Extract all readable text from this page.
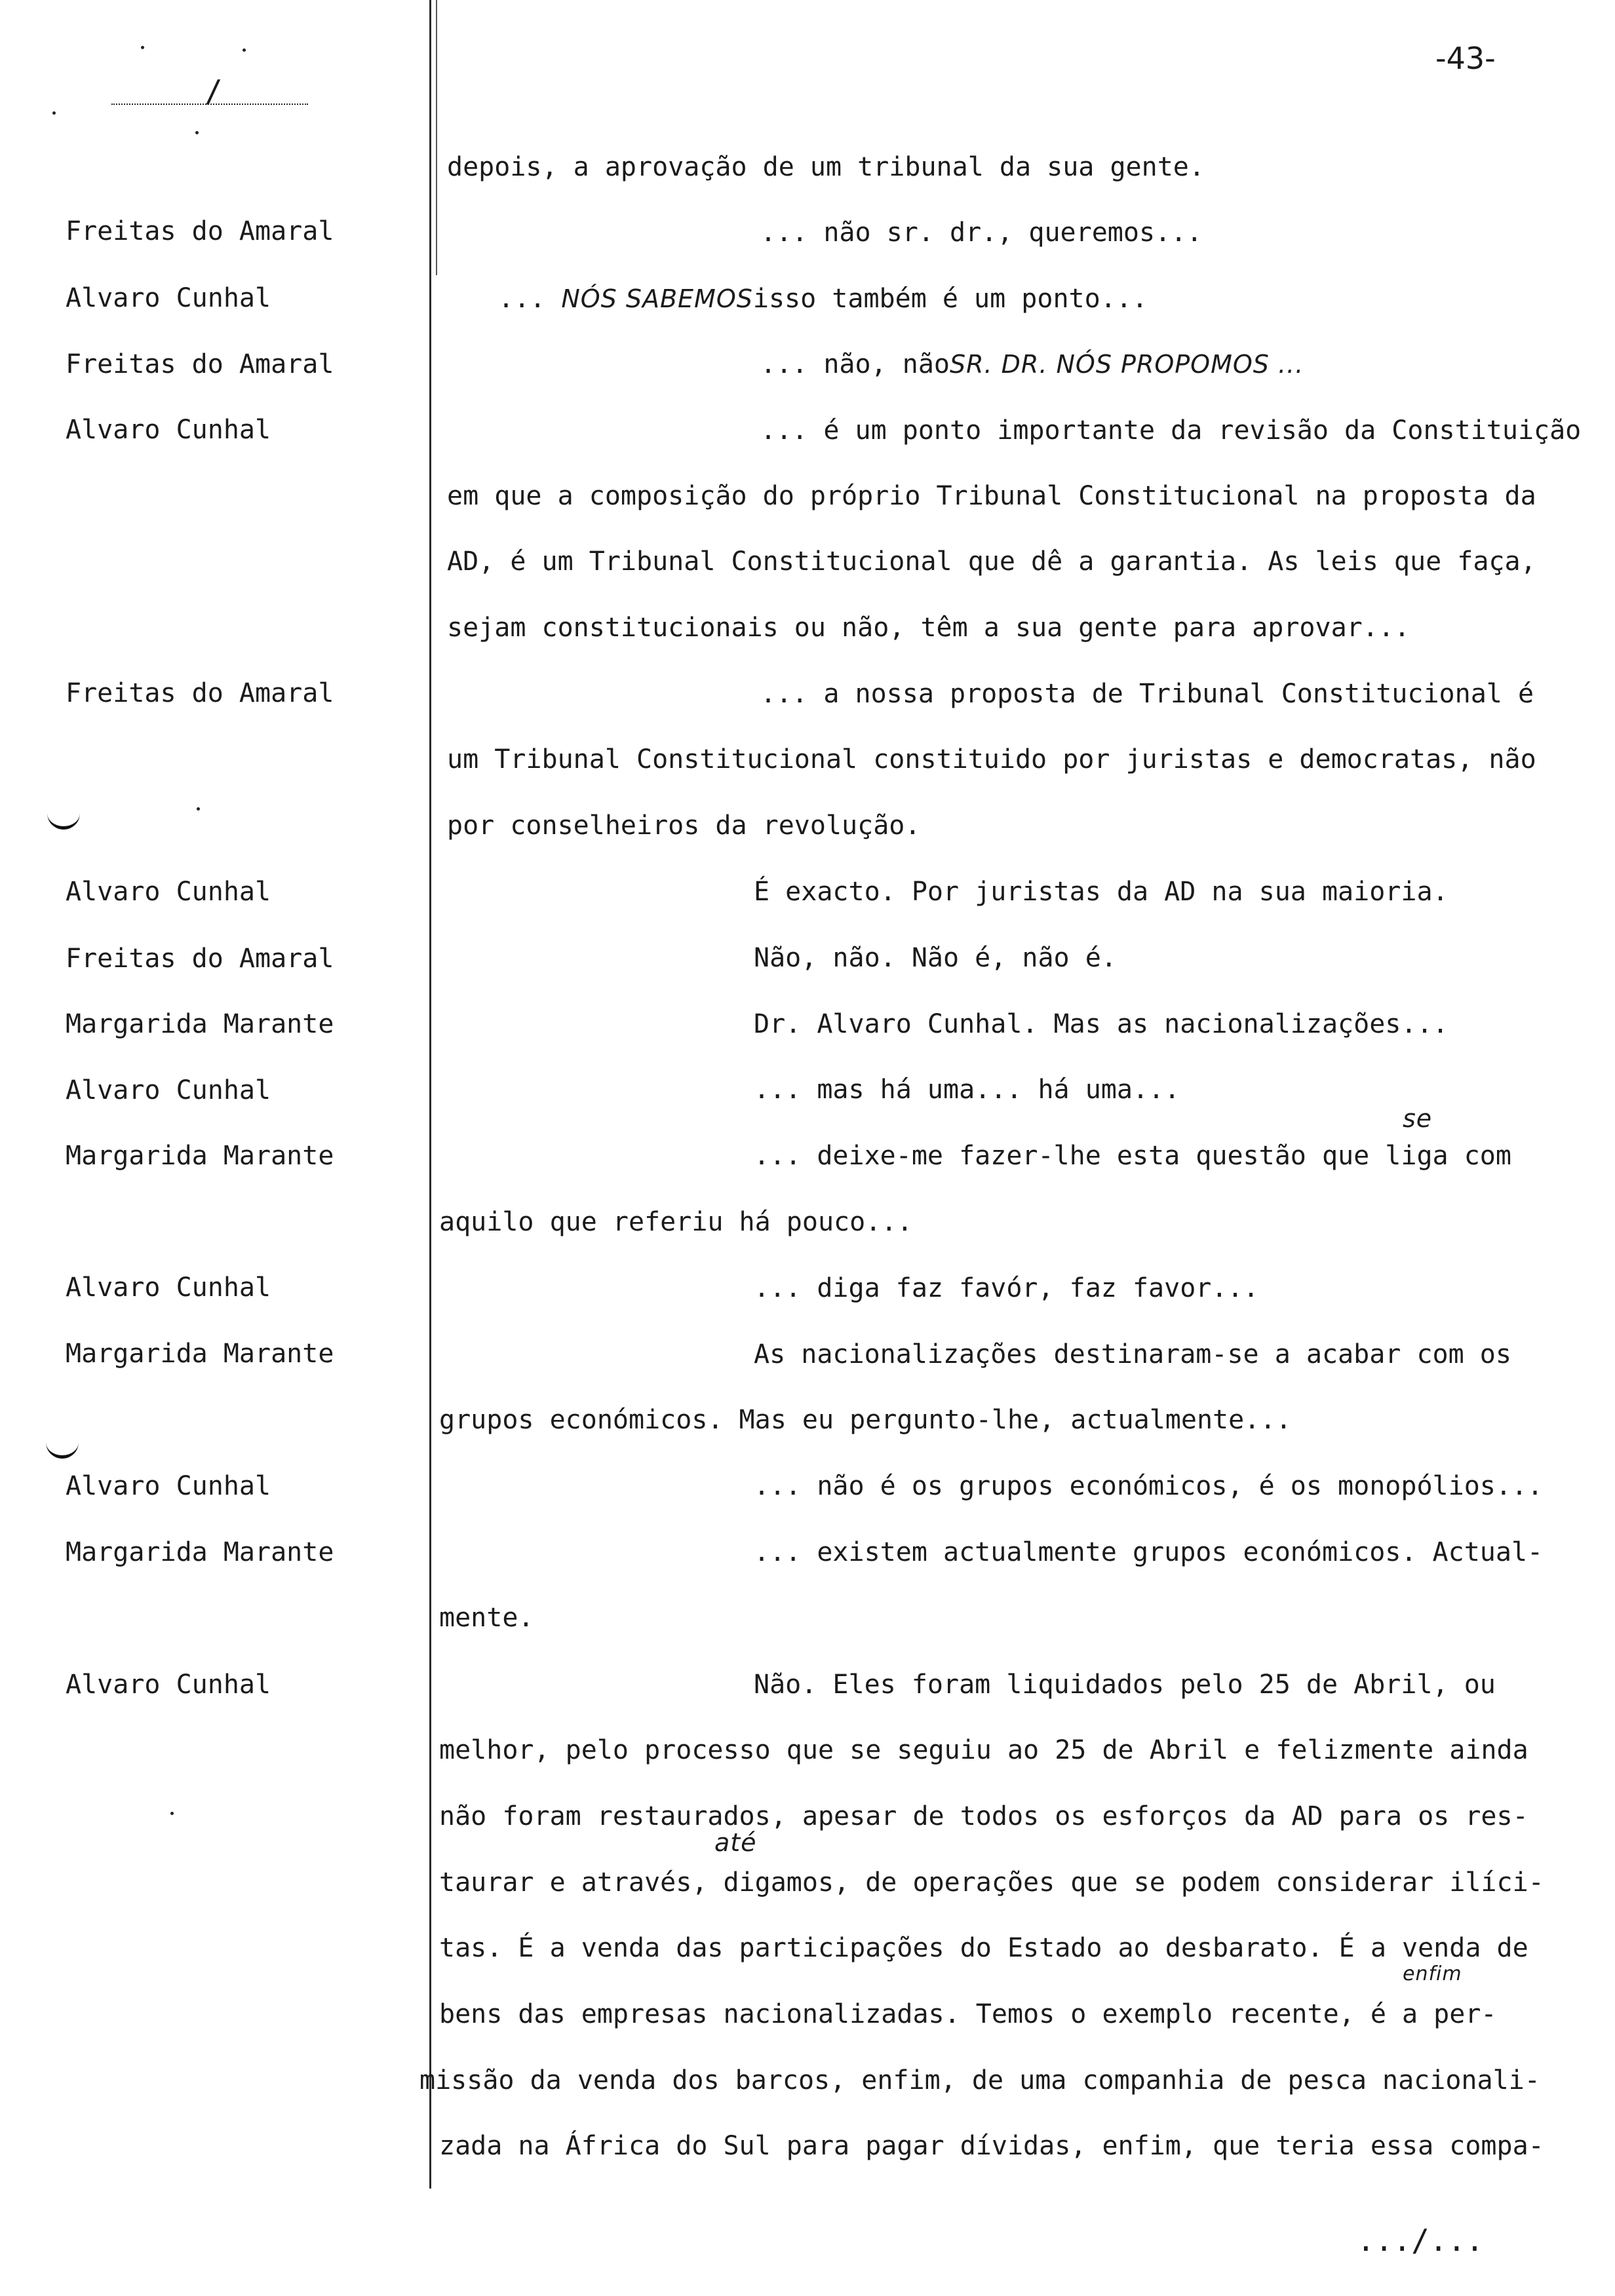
/
-43-
Freitas do Amaral
Alvaro Cunhal
Freitas do Amaral
Alvaro Cunhal
Freitas do Amaral
Alvaro Cunhal
Freitas do Amaral
Margarida Marante
Alvaro Cunhal
Margarida Marante
Alvaro Cunhal
Margarida Marante
Alvaro Cunhal
Margarida Marante
Alvaro Cunhal
depois, a aprovação de um tribunal da sua gente.
... não sr. dr., queremos...
... NÓS SABEMOSisso também é um ponto...
... não, nãoSR. DR. NÓS PROPOMOS ...
... é um ponto importante da revisão da Constituição
em que a composição do próprio Tribunal Constitucional na proposta da
AD, é um Tribunal Constitucional que dê a garantia. As leis que faça,
sejam constitucionais ou não, têm a sua gente para aprovar...
... a nossa proposta de Tribunal Constitucional é
um Tribunal Constitucional constituido por juristas e democratas, não
por conselheiros da revolução.
É exacto. Por juristas da AD na sua maioria.
Não, não. Não é, não é.
Dr. Alvaro Cunhal. Mas as nacionalizações...
... mas há uma... há uma...
se
... deixe-me fazer-lhe esta questão que liga com
aquilo que referiu há pouco...
... diga faz favór, faz favor...
As nacionalizações destinaram-se a acabar com os
grupos económicos. Mas eu pergunto-lhe, actualmente...
... não é os grupos económicos, é os monopólios...
... existem actualmente grupos económicos. Actual-
mente.
Não. Eles foram liquidados pelo 25 de Abril, ou
melhor, pelo processo que se seguiu ao 25 de Abril e felizmente ainda
não foram restaurados, apesar de todos os esforços da AD para os res-
até
taurar e através, digamos, de operações que se podem considerar ilíci-
tas. É a venda das participações do Estado ao desbarato. É a venda de
enfim
bens das empresas nacionalizadas. Temos o exemplo recente, é a per-
missão da venda dos barcos, enfim, de uma companhia de pesca nacionali-
zada na África do Sul para pagar dívidas, enfim, que teria essa compa-
.../...
